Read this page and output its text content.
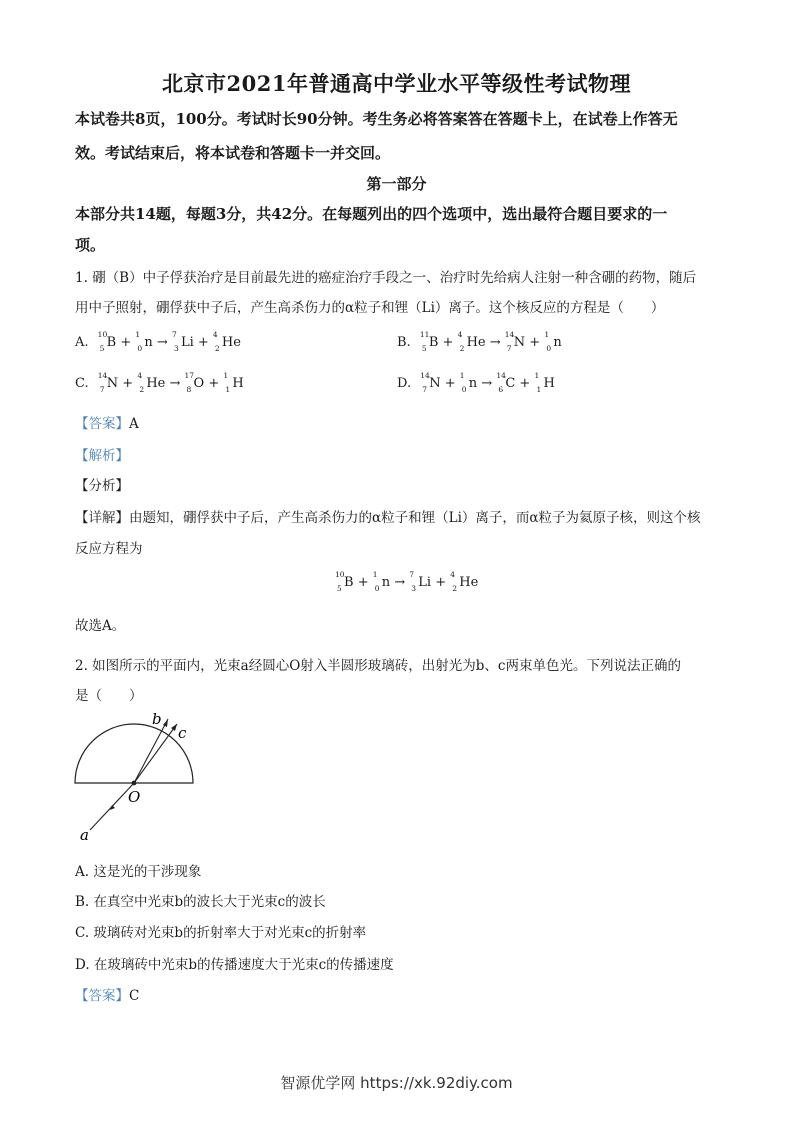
北京市2021年普通高中学业水平等级性考试物理
本试卷共8页，100分。考试时长90分钟。考生务必将答案答在答题卡上，在试卷上作答无
效。考试结束后，将本试卷和答题卡一并交回。
第一部分
本部分共14题，每题3分，共42分。在每题列出的四个选项中，选出最符合题目要求的一
项。
1. 硼（B）中子俘获治疗是目前最先进的癌症治疗手段之一、治疗时先给病人注射一种含硼的药物，随后
用中子照射，硼俘获中子后，产生高杀伤力的α粒子和锂（Li）离子。这个核反应的方程是（　　）
A.
10
5 B +
1
0 n →
7
3 Li +
4
2 He	B.
11
5 B +
4
2 He →
14
7 N +
1
0 n
C.
14
7 N +
4
2 He →
17
8 O +
1
1 H	D.
14
7 N +
1
0 n →
14
6 C +
1
1 H
【答案】A
【解析】
【分析】
【详解】由题知，硼俘获中子后，产生高杀伤力的α粒子和锂（Li）离子，而α粒子为氦原子核，则这个核
反应方程为
10
5 B +
1
0 n →
7
3 Li +
4
2 He
故选A。
2. 如图所示的平面内，光束a经圆心O射入半圆形玻璃砖，出射光为b、c两束单色光。下列说法正确的
是（　　）
O
a
b
c
A. 这是光的干涉现象
B. 在真空中光束b的波长大于光束c的波长
C. 玻璃砖对光束b的折射率大于对光束c的折射率
D. 在玻璃砖中光束b的传播速度大于光束c的传播速度
【答案】C
智源优学网 https://xk.92diy.com
